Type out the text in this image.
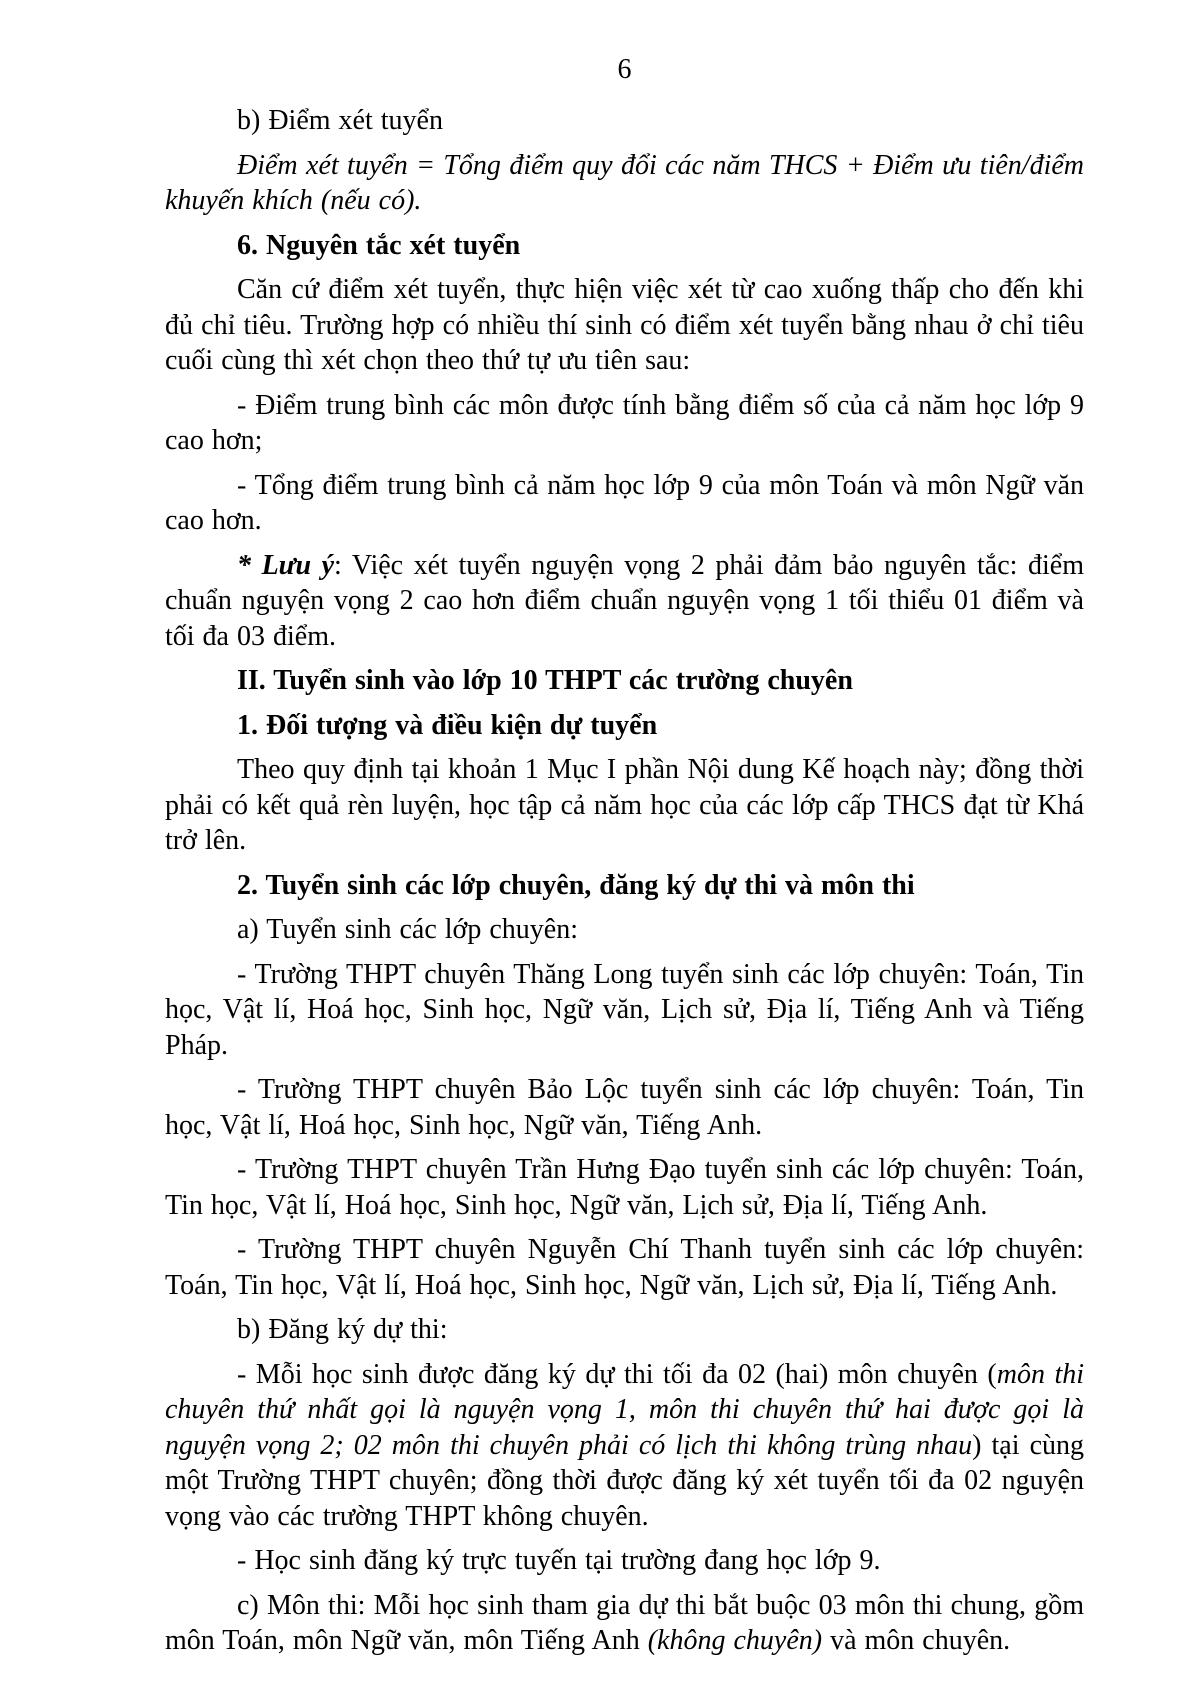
6

b) Điểm xét tuyển

Điểm xét tuyển = Tổng điểm quy đổi các năm THCS + Điểm ưu tiên/điểm khuyến khích (nếu có).

6. Nguyên tắc xét tuyển

Căn cứ điểm xét tuyển, thực hiện việc xét từ cao xuống thấp cho đến khi đủ chỉ tiêu. Trường hợp có nhiều thí sinh có điểm xét tuyển bằng nhau ở chỉ tiêu cuối cùng thì xét chọn theo thứ tự ưu tiên sau:

- Điểm trung bình các môn được tính bằng điểm số của cả năm học lớp 9 cao hơn;

- Tổng điểm trung bình cả năm học lớp 9 của môn Toán và môn Ngữ văn cao hơn.

* Lưu ý: Việc xét tuyển nguyện vọng 2 phải đảm bảo nguyên tắc: điểm chuẩn nguyện vọng 2 cao hơn điểm chuẩn nguyện vọng 1 tối thiểu 01 điểm và tối đa 03 điểm.

II. Tuyển sinh vào lớp 10 THPT các trường chuyên

1. Đối tượng và điều kiện dự tuyển

Theo quy định tại khoản 1 Mục I phần Nội dung Kế hoạch này; đồng thời phải có kết quả rèn luyện, học tập cả năm học của các lớp cấp THCS đạt từ Khá trở lên.

2. Tuyển sinh các lớp chuyên, đăng ký dự thi và môn thi

a) Tuyển sinh các lớp chuyên:

- Trường THPT chuyên Thăng Long tuyển sinh các lớp chuyên: Toán, Tin học, Vật lí, Hoá học, Sinh học, Ngữ văn, Lịch sử, Địa lí, Tiếng Anh và Tiếng Pháp.

- Trường THPT chuyên Bảo Lộc tuyển sinh các lớp chuyên: Toán, Tin học, Vật lí, Hoá học, Sinh học, Ngữ văn, Tiếng Anh.

- Trường THPT chuyên Trần Hưng Đạo tuyển sinh các lớp chuyên: Toán, Tin học, Vật lí, Hoá học, Sinh học, Ngữ văn, Lịch sử, Địa lí, Tiếng Anh.

- Trường THPT chuyên Nguyễn Chí Thanh tuyển sinh các lớp chuyên: Toán, Tin học, Vật lí, Hoá học, Sinh học, Ngữ văn, Lịch sử, Địa lí, Tiếng Anh.

b) Đăng ký dự thi:

- Mỗi học sinh được đăng ký dự thi tối đa 02 (hai) môn chuyên (môn thi chuyên thứ nhất gọi là nguyện vọng 1, môn thi chuyên thứ hai được gọi là nguyện vọng 2; 02 môn thi chuyên phải có lịch thi không trùng nhau) tại cùng một Trường THPT chuyên; đồng thời được đăng ký xét tuyển tối đa 02 nguyện vọng vào các trường THPT không chuyên.

- Học sinh đăng ký trực tuyến tại trường đang học lớp 9.

c) Môn thi: Mỗi học sinh tham gia dự thi bắt buộc 03 môn thi chung, gồm môn Toán, môn Ngữ văn, môn Tiếng Anh (không chuyên) và môn chuyên.
